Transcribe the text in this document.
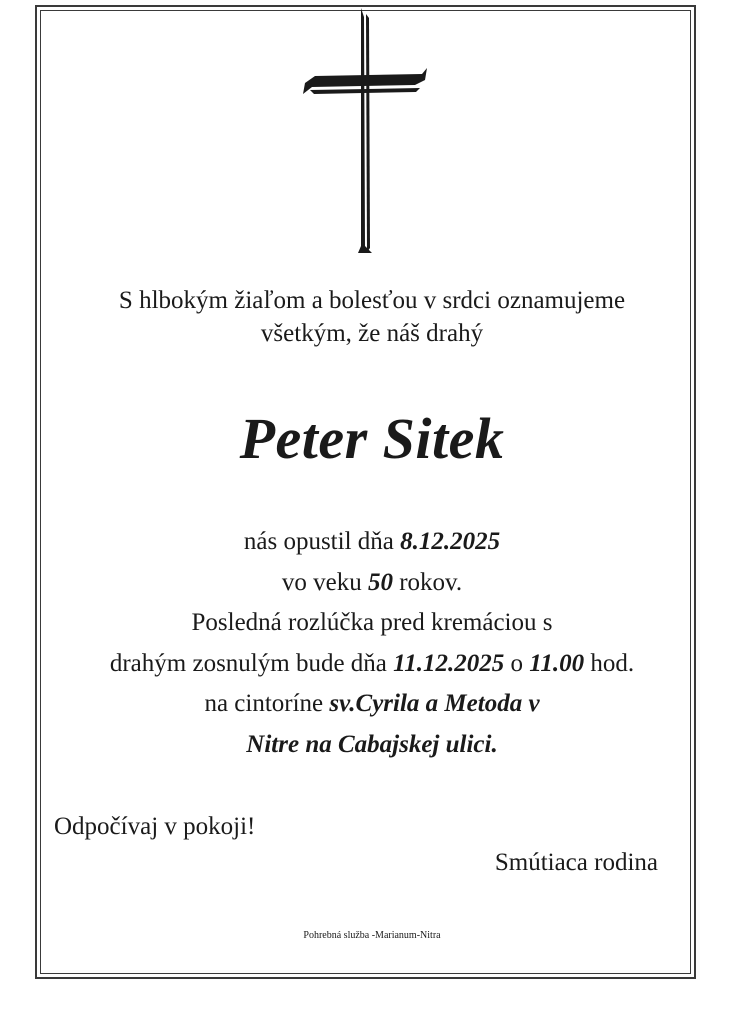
S hlbokým žiaľom a bolesťou v srdci oznamujeme
všetkým, že náš drahý
Peter Sitek
nás opustil dňa 8.12.2025
vo veku 50 rokov.
Posledná rozlúčka pred kremáciou s
drahým zosnulým bude dňa 11.12.2025 o 11.00 hod.
na cintoríne sv.Cyrila a Metoda v
Nitre na Cabajskej ulici.
Odpočívaj v pokoji!
Smútiaca rodina
Pohrebná služba -Marianum-Nitra
